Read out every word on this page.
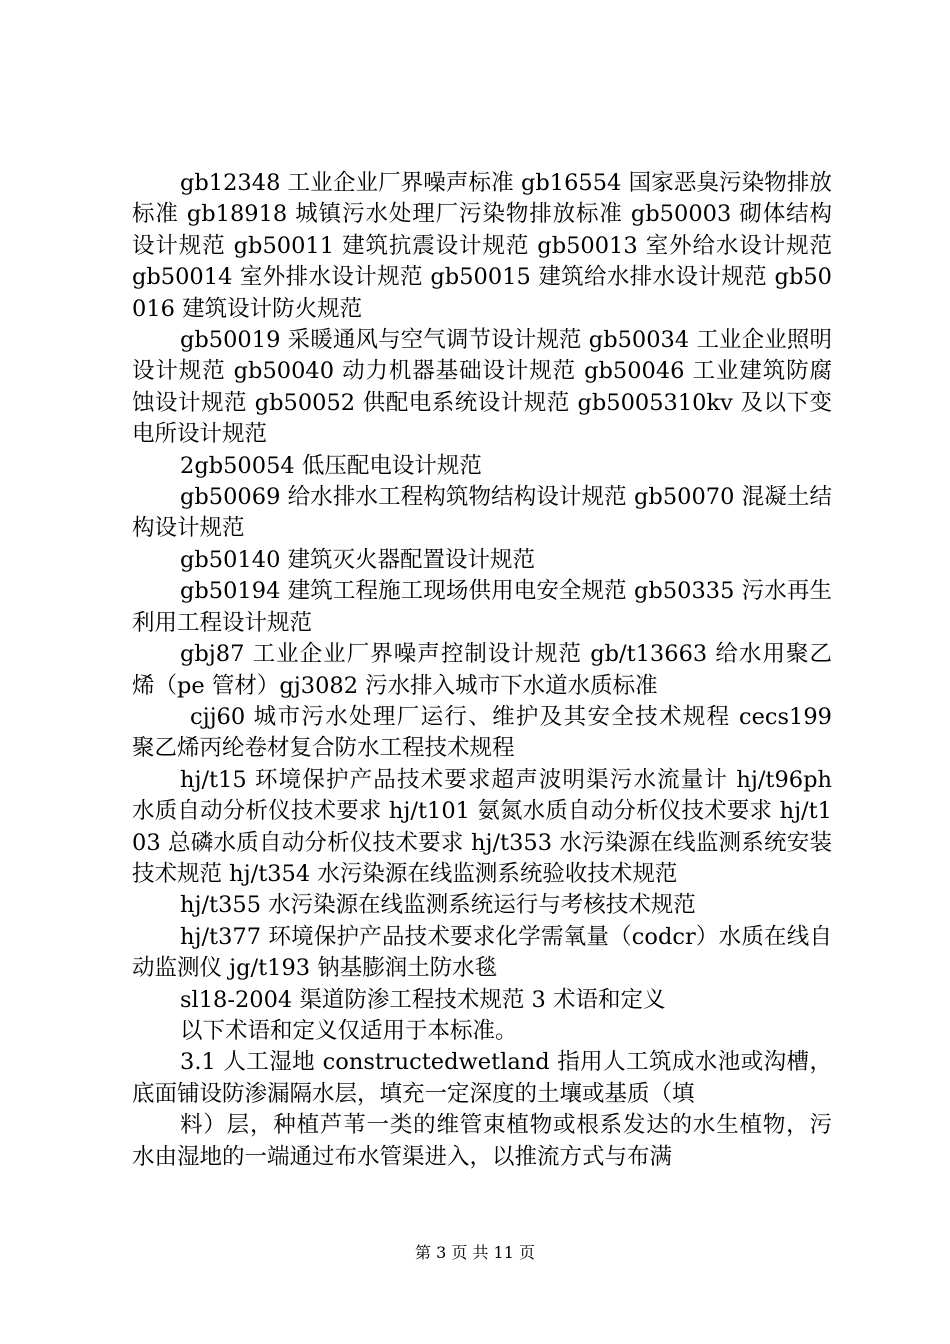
gb12348 工业企业厂界噪声标准 gb16554 国家恶臭污染物排放标准 gb18918 城镇污水处理厂污染物排放标准 gb50003 砌体结构设计规范 gb50011 建筑抗震设计规范 gb50013 室外给水设计规范 gb50014 室外排水设计规范 gb50015 建筑给水排水设计规范 gb50016 建筑设计防火规范

gb50019 采暖通风与空气调节设计规范 gb50034 工业企业照明设计规范 gb50040 动力机器基础设计规范 gb50046 工业建筑防腐蚀设计规范 gb50052 供配电系统设计规范 gb5005310kv 及以下变电所设计规范

2gb50054 低压配电设计规范

gb50069 给水排水工程构筑物结构设计规范 gb50070 混凝土结构设计规范

gb50140 建筑灭火器配置设计规范

gb50194 建筑工程施工现场供用电安全规范 gb50335 污水再生利用工程设计规范

gbj87 工业企业厂界噪声控制设计规范 gb/t13663 给水用聚乙烯（pe 管材）gj3082 污水排入城市下水道水质标准

cjj60 城市污水处理厂运行、维护及其安全技术规程 cecs199 聚乙烯丙纶卷材复合防水工程技术规程

hj/t15 环境保护产品技术要求超声波明渠污水流量计 hj/t96ph 水质自动分析仪技术要求 hj/t101 氨氮水质自动分析仪技术要求 hj/t103 总磷水质自动分析仪技术要求 hj/t353 水污染源在线监测系统安装技术规范 hj/t354 水污染源在线监测系统验收技术规范

hj/t355 水污染源在线监测系统运行与考核技术规范

hj/t377 环境保护产品技术要求化学需氧量（codcr）水质在线自动监测仪 jg/t193 钠基膨润土防水毯

sl18-2004 渠道防渗工程技术规范 3 术语和定义

以下术语和定义仅适用于本标准。

3.1 人工湿地 constructedwetland 指用人工筑成水池或沟槽，底面铺设防渗漏隔水层，填充一定深度的土壤或基质（填

料）层，种植芦苇一类的维管束植物或根系发达的水生植物，污水由湿地的一端通过布水管渠进入，以推流方式与布满

第 3 页 共 11 页
